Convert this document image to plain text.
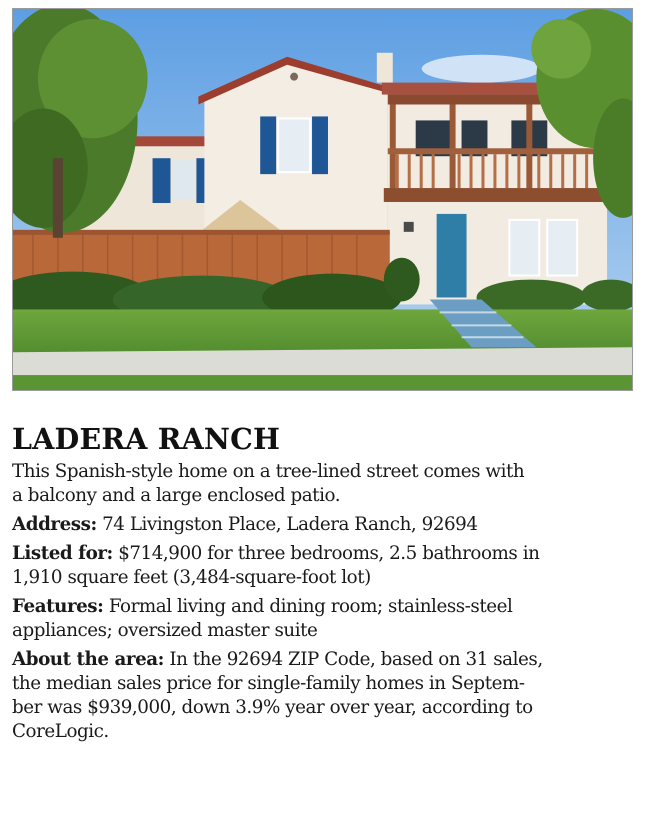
LADERA RANCH
This Spanish-style home on a tree-lined street comes with
a balcony and a large enclosed patio.
Address: 74 Livingston Place, Ladera Ranch, 92694
Listed for: $714,900 for three bedrooms, 2.5 bathrooms in
1,910 square feet (3,484-square-foot lot)
Features: Formal living and dining room; stainless-steel
appliances; oversized master suite
About the area: In the 92694 ZIP Code, based on 31 sales,
the median sales price for single-family homes in Septem-
ber was $939,000, down 3.9% year over year, according to
CoreLogic.
